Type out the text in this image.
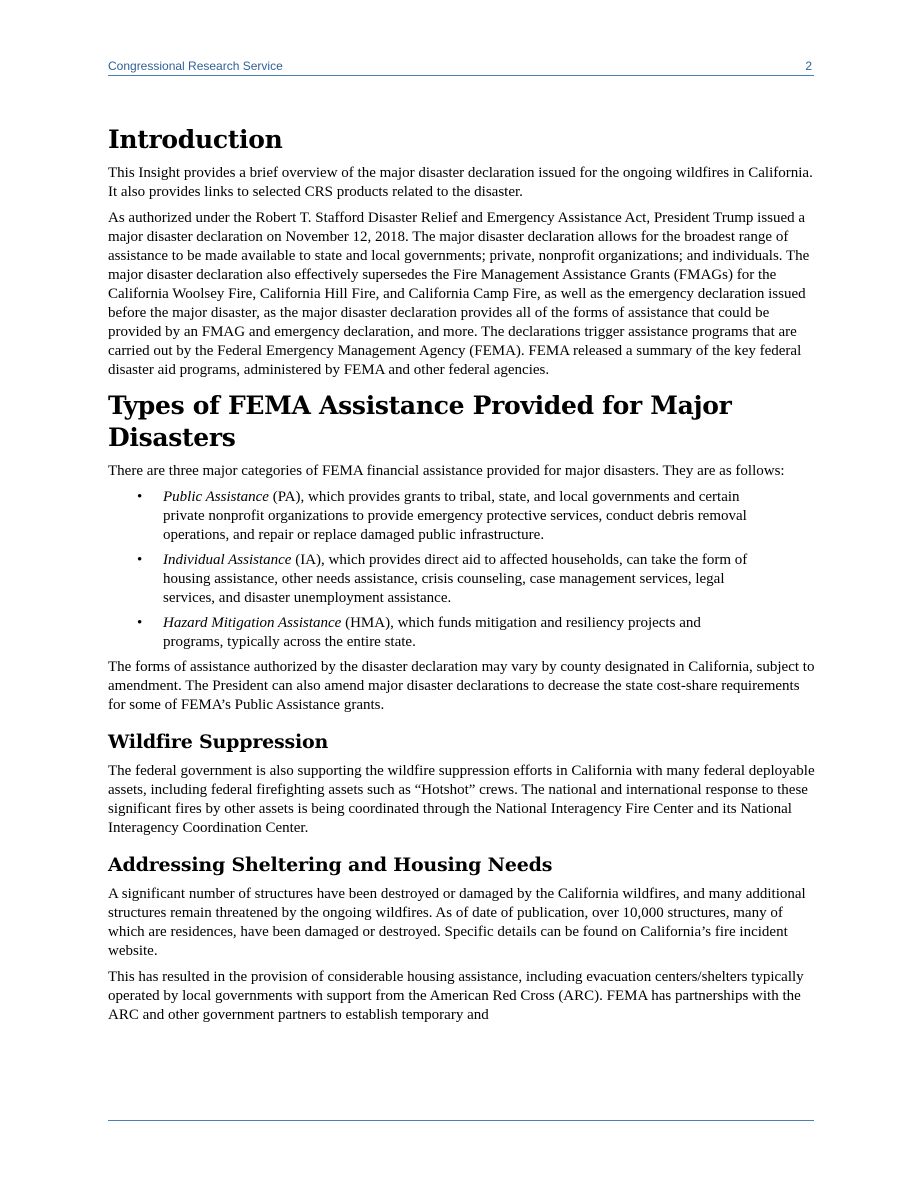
Congressional Research Service	2
Introduction

This Insight provides a brief overview of the major disaster declaration issued for the ongoing wildfires in California. It also provides links to selected CRS products related to the disaster.

As authorized under the Robert T. Stafford Disaster Relief and Emergency Assistance Act, President Trump issued a major disaster declaration on November 12, 2018. The major disaster declaration allows for the broadest range of assistance to be made available to state and local governments; private, nonprofit organizations; and individuals. The major disaster declaration also effectively supersedes the Fire Management Assistance Grants (FMAGs) for the California Woolsey Fire, California Hill Fire, and California Camp Fire, as well as the emergency declaration issued before the major disaster, as the major disaster declaration provides all of the forms of assistance that could be provided by an FMAG and emergency declaration, and more. The declarations trigger assistance programs that are carried out by the Federal Emergency Management Agency (FEMA). FEMA released a summary of the key federal disaster aid programs, administered by FEMA and other federal agencies.

Types of FEMA Assistance Provided for Major Disasters

There are three major categories of FEMA financial assistance provided for major disasters. They are as follows:

• Public Assistance (PA), which provides grants to tribal, state, and local governments and certain private nonprofit organizations to provide emergency protective services, conduct debris removal operations, and repair or replace damaged public infrastructure.
• Individual Assistance (IA), which provides direct aid to affected households, can take the form of housing assistance, other needs assistance, crisis counseling, case management services, legal services, and disaster unemployment assistance.
• Hazard Mitigation Assistance (HMA), which funds mitigation and resiliency projects and programs, typically across the entire state.

The forms of assistance authorized by the disaster declaration may vary by county designated in California, subject to amendment. The President can also amend major disaster declarations to decrease the state cost-share requirements for some of FEMA’s Public Assistance grants.

Wildfire Suppression

The federal government is also supporting the wildfire suppression efforts in California with many federal deployable assets, including federal firefighting assets such as “Hotshot” crews. The national and international response to these significant fires by other assets is being coordinated through the National Interagency Fire Center and its National Interagency Coordination Center.

Addressing Sheltering and Housing Needs

A significant number of structures have been destroyed or damaged by the California wildfires, and many additional structures remain threatened by the ongoing wildfires. As of date of publication, over 10,000 structures, many of which are residences, have been damaged or destroyed. Specific details can be found on California’s fire incident website.

This has resulted in the provision of considerable housing assistance, including evacuation centers/shelters typically operated by local governments with support from the American Red Cross (ARC). FEMA has partnerships with the ARC and other government partners to establish temporary and
